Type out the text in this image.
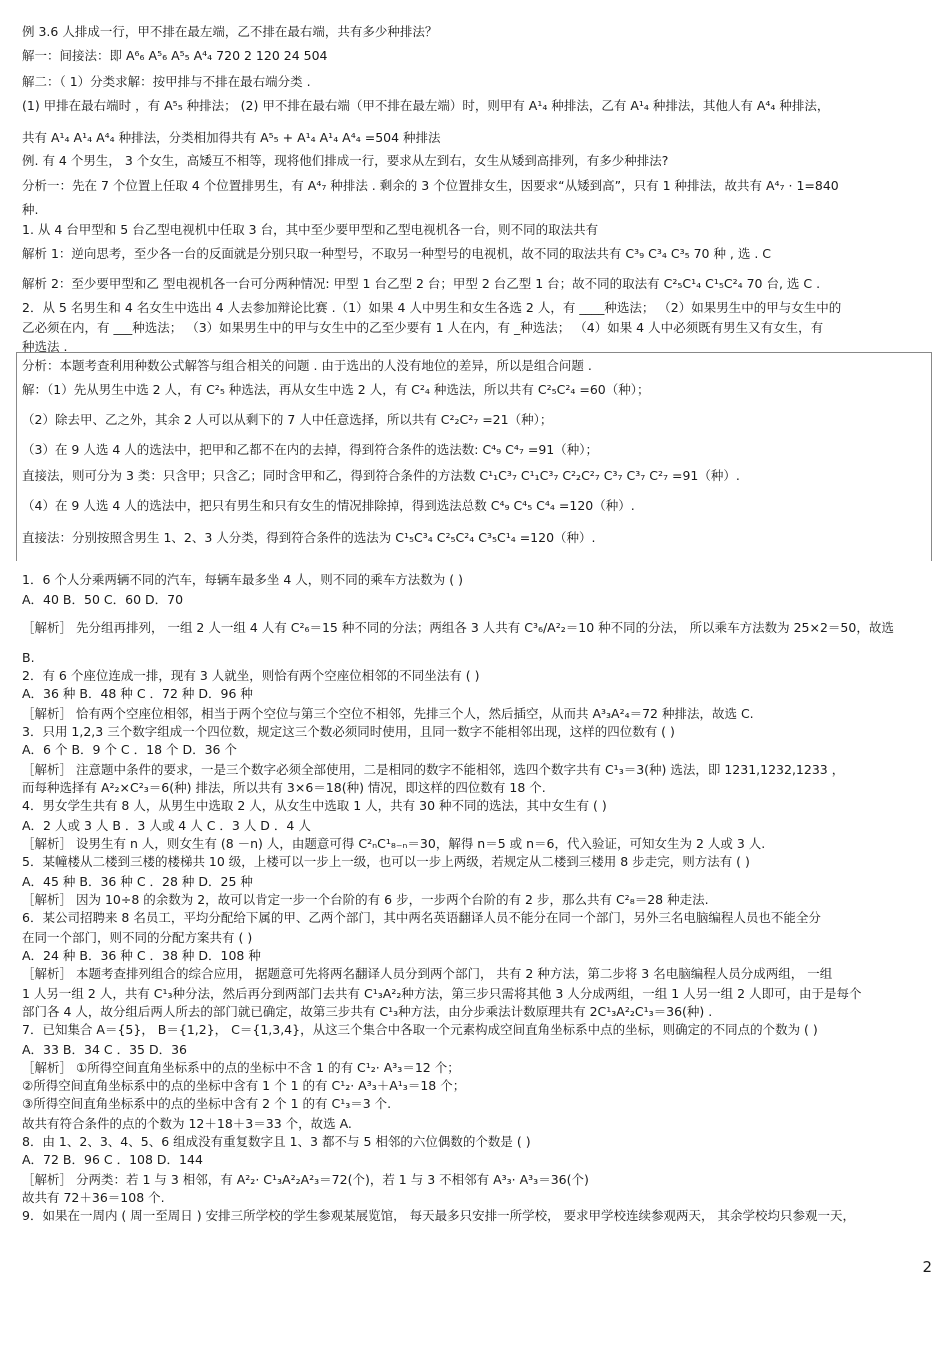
例 3.6 人排成一行，甲不排在最左端，乙不排在最右端，共有多少种排法？
解一：间接法：即 A⁶₆ A⁵₆ A⁵₅ A⁴₄ 720 2 120 24 504
解二：（ 1）分类求解：按甲排与不排在最右端分类 .
(1) 甲排在最右端时 ，有 A⁵₅ 种排法； (2) 甲不排在最右端（甲不排在最左端）时，则甲有 A¹₄ 种排法，乙有 A¹₄ 种排法，其他人有 A⁴₄ 种排法，
共有 A¹₄ A¹₄ A⁴₄ 种排法，分类相加得共有 A⁵₅ + A¹₄ A¹₄ A⁴₄ =504 种排法
例. 有 4 个男生， 3 个女生，高矮互不相等，现将他们排成一行，要求从左到右，女生从矮到高排列，有多少种排法?
分析一：先在 7 个位置上任取 4 个位置排男生，有 A⁴₇ 种排法 . 剩余的 3 个位置排女生，因要求“从矮到高”，只有 1 种排法，故共有 A⁴₇ · 1=840
种.
1. 从 4 台甲型和 5 台乙型电视机中任取 3 台，其中至少要甲型和乙型电视机各一台，则不同的取法共有
解析 1：逆向思考，至少各一台的反面就是分别只取一种型号，不取另一种型号的电视机，故不同的取法共有 C³₉ C³₄ C³₅ 70 种 , 选 . C
解析 2：至少要甲型和乙 型电视机各一台可分两种情况: 甲型 1 台乙型 2 台；甲型 2 台乙型 1 台；故不同的取法有 C²₅C¹₄ C¹₅C²₄ 70 台, 选 C .
2．从 5 名男生和 4 名女生中选出 4 人去参加辩论比赛 .（1）如果 4 人中男生和女生各选 2 人，有 ____种选法； （2）如果男生中的甲与女生中的
乙必须在内，有 ___种选法； （3）如果男生中的甲与女生中的乙至少要有 1 人在内，有 _种选法； （4）如果 4 人中必须既有男生又有女生，有
种选法 .
分析：本题考查利用种数公式解答与组合相关的问题 . 由于选出的人没有地位的差异，所以是组合问题 .
解：（1）先从男生中选 2 人，有 C²₅ 种选法，再从女生中选 2 人，有 C²₄ 种选法，所以共有 C²₅C²₄ =60（种）；
（2）除去甲、乙之外，其余 2 人可以从剩下的 7 人中任意选择，所以共有 C²₂C²₇ =21（种）；
（3）在 9 人选 4 人的选法中，把甲和乙都不在内的去掉，得到符合条件的选法数: C⁴₉ C⁴₇ =91（种）；
直接法，则可分为 3 类：只含甲；只含乙；同时含甲和乙，得到符合条件的方法数 C¹₁C³₇ C¹₁C³₇ C²₂C²₇ C³₇ C³₇ C²₇ =91（种）.
（4）在 9 人选 4 人的选法中，把只有男生和只有女生的情况排除掉，得到选法总数 C⁴₉ C⁴₅ C⁴₄ =120（种）.
直接法：分别按照含男生 1、2、3 人分类，得到符合条件的选法为 C¹₅C³₄ C²₅C²₄ C³₅C¹₄ =120（种）.
1．6 个人分乘两辆不同的汽车，每辆车最多坐 4 人，则不同的乘车方法数为 ( )
A．40 B．50 C．60 D．70
［解析］ 先分组再排列， 一组 2 人一组 4 人有 C²₆＝15 种不同的分法；两组各 3 人共有 C³₆/A²₂＝10 种不同的分法， 所以乘车方法数为 25×2＝50，故选
B.
2．有 6 个座位连成一排，现有 3 人就坐，则恰有两个空座位相邻的不同坐法有 ( )
A．36 种 B．48 种 C ．72 种 D．96 种
［解析］ 恰有两个空座位相邻，相当于两个空位与第三个空位不相邻，先排三个人，然后插空，从而共 A³₃A²₄＝72 种排法，故选 C.
3．只用 1,2,3 三个数字组成一个四位数，规定这三个数必须同时使用，且同一数字不能相邻出现，这样的四位数有 ( )
A．6 个 B．9 个 C ．18 个 D．36 个
［解析］ 注意题中条件的要求，一是三个数字必须全部使用，二是相同的数字不能相邻，选四个数字共有 C¹₃＝3(种) 选法，即 1231,1232,1233 ，
而每种选择有 A²₂×C²₃＝6(种) 排法，所以共有 3×6＝18(种) 情况，即这样的四位数有 18 个.
4．男女学生共有 8 人，从男生中选取 2 人，从女生中选取 1 人，共有 30 种不同的选法，其中女生有 ( )
A．2 人或 3 人 B ．3 人或 4 人 C ．3 人 D ．4 人
［解析］ 设男生有 n 人，则女生有 (8 －n) 人，由题意可得 C²ₙC¹₈₋ₙ＝30，解得 n＝5 或 n＝6，代入验证，可知女生为 2 人或 3 人.
5．某幢楼从二楼到三楼的楼梯共 10 级，上楼可以一步上一级，也可以一步上两级，若规定从二楼到三楼用 8 步走完，则方法有 ( )
A．45 种 B．36 种 C ．28 种 D．25 种
［解析］ 因为 10÷8 的余数为 2，故可以肯定一步一个台阶的有 6 步，一步两个台阶的有 2 步，那么共有 C²₈＝28 种走法.
6．某公司招聘来 8 名员工，平均分配给下属的甲、乙两个部门，其中两名英语翻译人员不能分在同一个部门，另外三名电脑编程人员也不能全分
在同一个部门，则不同的分配方案共有 ( )
A．24 种 B．36 种 C ．38 种 D．108 种
［解析］ 本题考查排列组合的综合应用， 据题意可先将两名翻译人员分到两个部门， 共有 2 种方法，第二步将 3 名电脑编程人员分成两组， 一组
1 人另一组 2 人，共有 C¹₃种分法，然后再分到两部门去共有 C¹₃A²₂种方法，第三步只需将其他 3 人分成两组，一组 1 人另一组 2 人即可，由于是每个
部门各 4 人，故分组后两人所去的部门就已确定，故第三步共有 C¹₃种方法，由分步乘法计数原理共有 2C¹₃A²₂C¹₃＝36(种) .
7．已知集合 A＝{5}， B＝{1,2}， C＝{1,3,4}，从这三个集合中各取一个元素构成空间直角坐标系中点的坐标，则确定的不同点的个数为 ( )
A．33 B．34 C ．35 D．36
［解析］ ①所得空间直角坐标系中的点的坐标中不含 1 的有 C¹₂· A³₃＝12 个；
②所得空间直角坐标系中的点的坐标中含有 1 个 1 的有 C¹₂· A³₃＋A¹₃＝18 个；
③所得空间直角坐标系中的点的坐标中含有 2 个 1 的有 C¹₃＝3 个.
故共有符合条件的点的个数为 12＋18＋3＝33 个，故选 A.
8．由 1、2、3、4、5、6 组成没有重复数字且 1、3 都不与 5 相邻的六位偶数的个数是 ( )
A．72 B．96 C ．108 D．144
［解析］ 分两类：若 1 与 3 相邻，有 A²₂· C¹₃A²₂A²₃＝72(个)，若 1 与 3 不相邻有 A³₃· A³₃＝36(个)
故共有 72＋36＝108 个.
9．如果在一周内 ( 周一至周日 ) 安排三所学校的学生参观某展览馆， 每天最多只安排一所学校， 要求甲学校连续参观两天， 其余学校均只参观一天，
2
